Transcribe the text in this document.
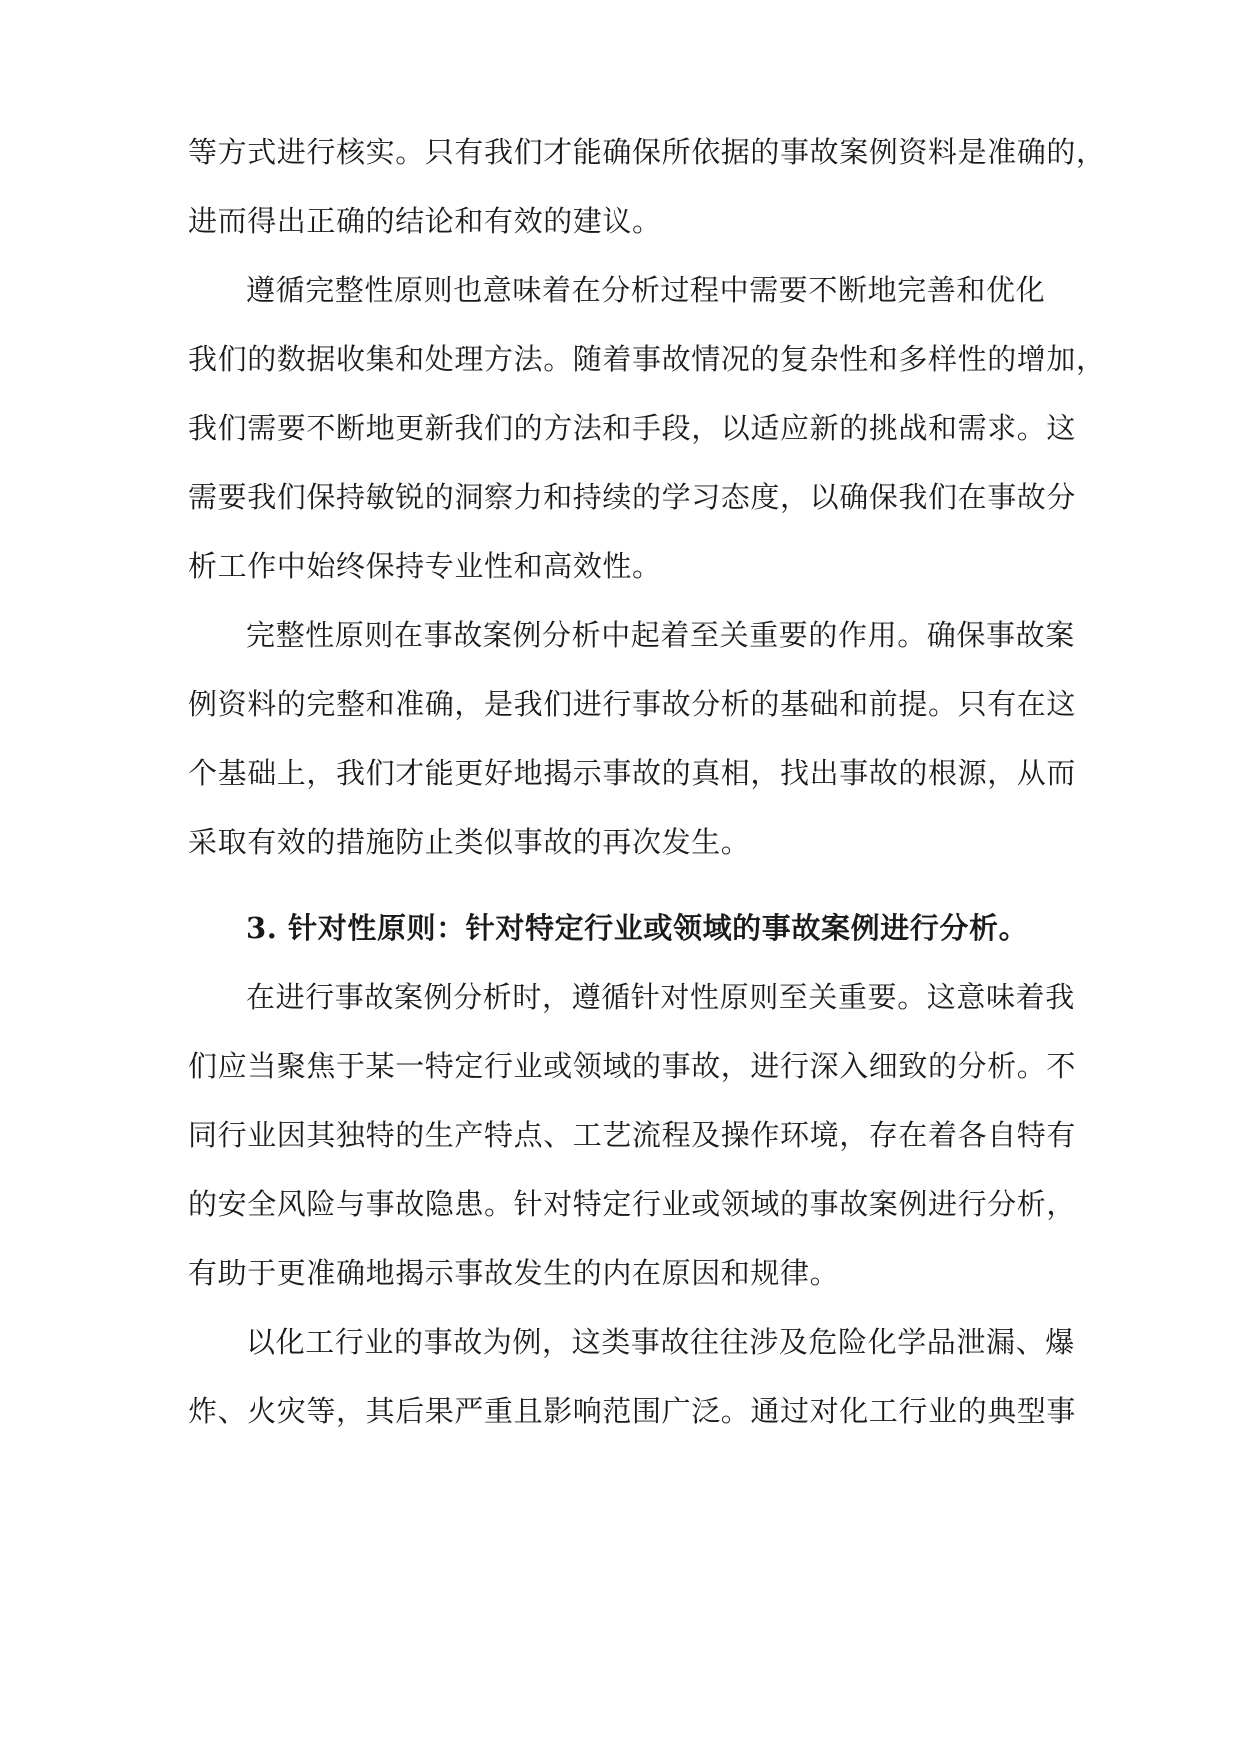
等方式进行核实。只有我们才能确保所依据的事故案例资料是准确的，
进而得出正确的结论和有效的建议。
遵循完整性原则也意味着在分析过程中需要不断地完善和优化
我们的数据收集和处理方法。随着事故情况的复杂性和多样性的增加，
我们需要不断地更新我们的方法和手段，以适应新的挑战和需求。这
需要我们保持敏锐的洞察力和持续的学习态度，以确保我们在事故分
析工作中始终保持专业性和高效性。
完整性原则在事故案例分析中起着至关重要的作用。确保事故案
例资料的完整和准确，是我们进行事故分析的基础和前提。只有在这
个基础上，我们才能更好地揭示事故的真相，找出事故的根源，从而
采取有效的措施防止类似事故的再次发生。
3. 针对性原则：针对特定行业或领域的事故案例进行分析。
在进行事故案例分析时，遵循针对性原则至关重要。这意味着我
们应当聚焦于某一特定行业或领域的事故，进行深入细致的分析。不
同行业因其独特的生产特点、工艺流程及操作环境，存在着各自特有
的安全风险与事故隐患。针对特定行业或领域的事故案例进行分析，
有助于更准确地揭示事故发生的内在原因和规律。
以化工行业的事故为例，这类事故往往涉及危险化学品泄漏、爆
炸、火灾等，其后果严重且影响范围广泛。通过对化工行业的典型事
